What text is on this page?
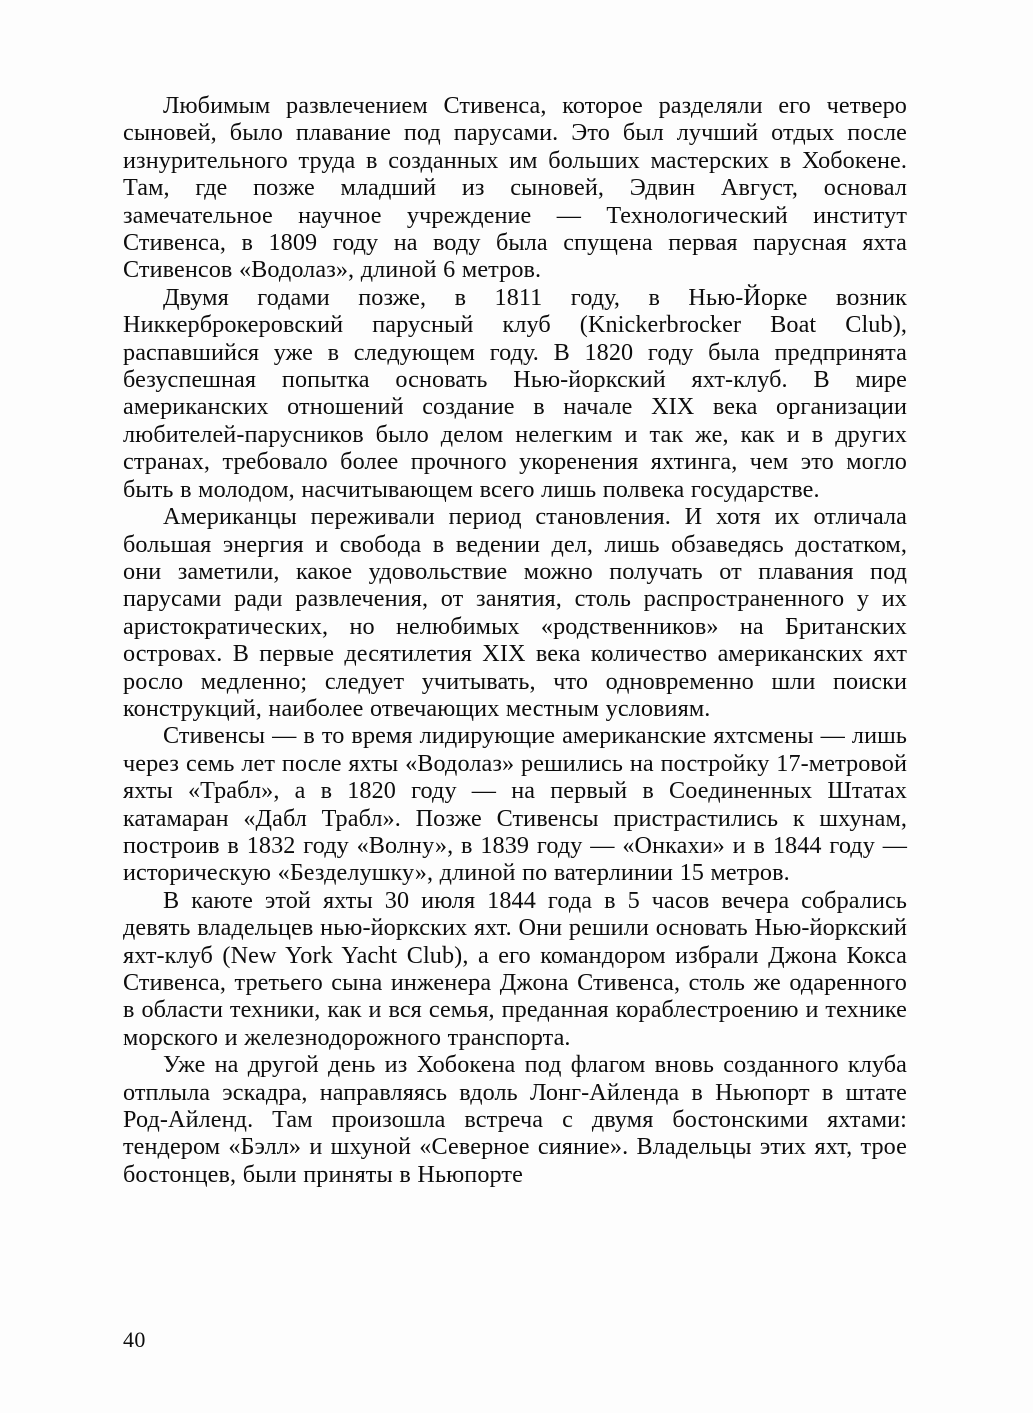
Любимым развлечением Стивенса, которое разделяли его четверо сыновей, было плавание под парусами. Это был лучший отдых после изнурительного труда в созданных им больших мастерских в Хобокене. Там, где позже младший из сыновей, Эдвин Август, основал замечательное научное учреждение — Технологический институт Стивенса, в 1809 году на воду была спущена первая парусная яхта Стивенсов «Водолаз», длиной 6 метров.

Двумя годами позже, в 1811 году, в Нью-Йорке возник Никкерброкеровский парусный клуб (Knickerbrocker Boat Club), распавшийся уже в следующем году. В 1820 году была предпринята безуспешная попытка основать Нью-йоркский яхт-клуб. В мире американских отношений создание в начале XIX века организации любителей-парусников было делом нелегким и так же, как и в других странах, требовало более прочного укоренения яхтинга, чем это могло быть в молодом, насчитывающем всего лишь полвека государстве.

Американцы переживали период становления. И хотя их отличала большая энергия и свобода в ведении дел, лишь обзаведясь достатком, они заметили, какое удовольствие можно получать от плавания под парусами ради развлечения, от занятия, столь распространенного у их аристократических, но нелюбимых «родственников» на Британских островах. В первые десятилетия XIX века количество американских яхт росло медленно; следует учитывать, что одновременно шли поиски конструкций, наиболее отвечающих местным условиям.

Стивенсы — в то время лидирующие американские яхтсмены — лишь через семь лет после яхты «Водолаз» решились на постройку 17-метровой яхты «Трабл», а в 1820 году — на первый в Соединенных Штатах катамаран «Дабл Трабл». Позже Стивенсы пристрастились к шхунам, построив в 1832 году «Волну», в 1839 году — «Онкахи» и в 1844 году — историческую «Безделушку», длиной по ватерлинии 15 метров.

В каюте этой яхты 30 июля 1844 года в 5 часов вечера собрались девять владельцев нью-йоркских яхт. Они решили основать Нью-йоркский яхт-клуб (New York Yacht Club), а его командором избрали Джона Кокса Стивенса, третьего сына инженера Джона Стивенса, столь же одаренного в области техники, как и вся семья, преданная кораблестроению и технике морского и железнодорожного транспорта.

Уже на другой день из Хобокена под флагом вновь созданного клуба отплыла эскадра, направляясь вдоль Лонг-Айленда в Ньюпорт в штате Род-Айленд. Там произошла встреча с двумя бостонскими яхтами: тендером «Бэлл» и шхуной «Северное сияние». Владельцы этих яхт, трое бостонцев, были приняты в Ньюпорте

40
